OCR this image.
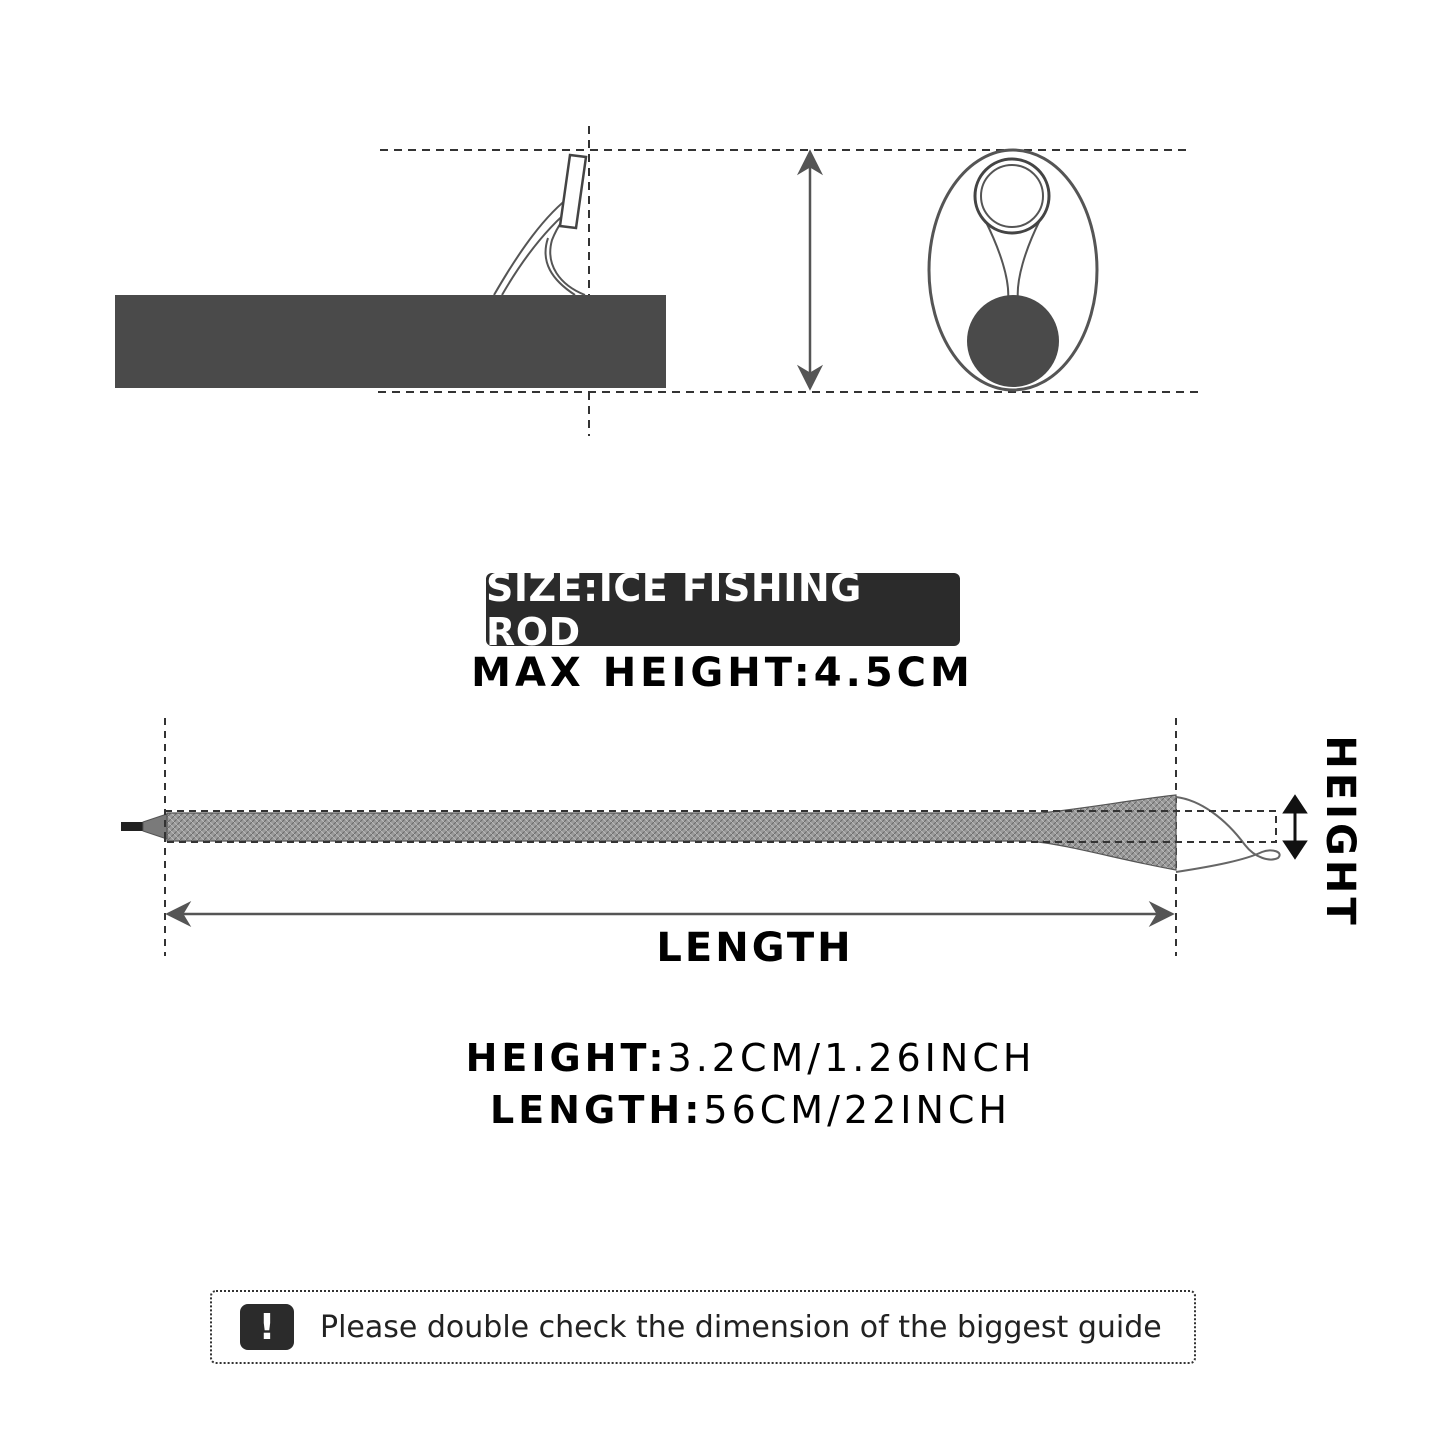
SIZE:ICE FISHING ROD
MAX HEIGHT:4.5CM
HEIGHT
LENGTH
HEIGHT:3.2CM/1.26INCH
LENGTH:56CM/22INCH
!	Please double check the dimension of the biggest guide
